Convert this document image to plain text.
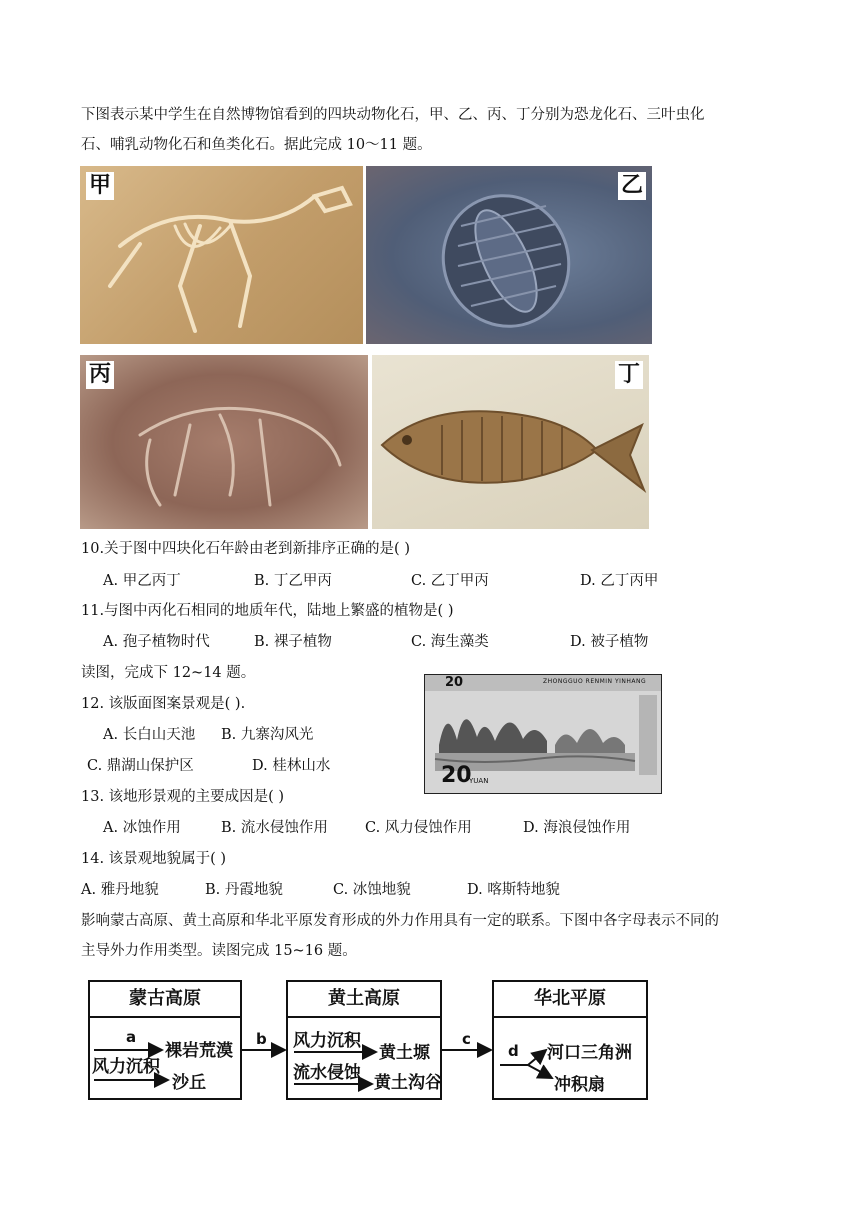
下图表示某中学生在自然博物馆看到的四块动物化石，甲、乙、丙、丁分别为恐龙化石、三叶虫化
石、哺乳动物化石和鱼类化石。据此完成 10～11 题。
甲	乙
丙	丁
10.关于图中四块化石年龄由老到新排序正确的是( )
A. 甲乙丙丁	B. 丁乙甲丙	C. 乙丁甲丙	D. 乙丁丙甲
11.与图中丙化石相同的地质年代，陆地上繁盛的植物是( )
A. 孢子植物时代	B. 裸子植物	C. 海生藻类	D. 被子植物
读图，完成下 12~14 题。
12. 该版面图案景观是( ).
A. 长白山天池 B. 九寨沟风光
C. 鼎湖山保护区	D. 桂林山水
20	ZHONGGUO RENMIN YINHANG
20
YUAN
13. 该地形景观的主要成因是( )
A. 冰蚀作用	B. 流水侵蚀作用	C. 风力侵蚀作用	D. 海浪侵蚀作用
14. 该景观地貌属于( )
A. 雅丹地貌	B. 丹霞地貌	C. 冰蚀地貌	D. 喀斯特地貌
影响蒙古高原、黄土高原和华北平原发育形成的外力作用具有一定的联系。下图中各字母表示不同的
主导外力作用类型。读图完成 15~16 题。
蒙古高原
a
风力沉积
裸岩荒漠
沙丘
黄土高原
风力沉积
流水侵蚀
黄土塬
黄土沟谷
华北平原
d 河口三角洲
冲积扇
b	c
